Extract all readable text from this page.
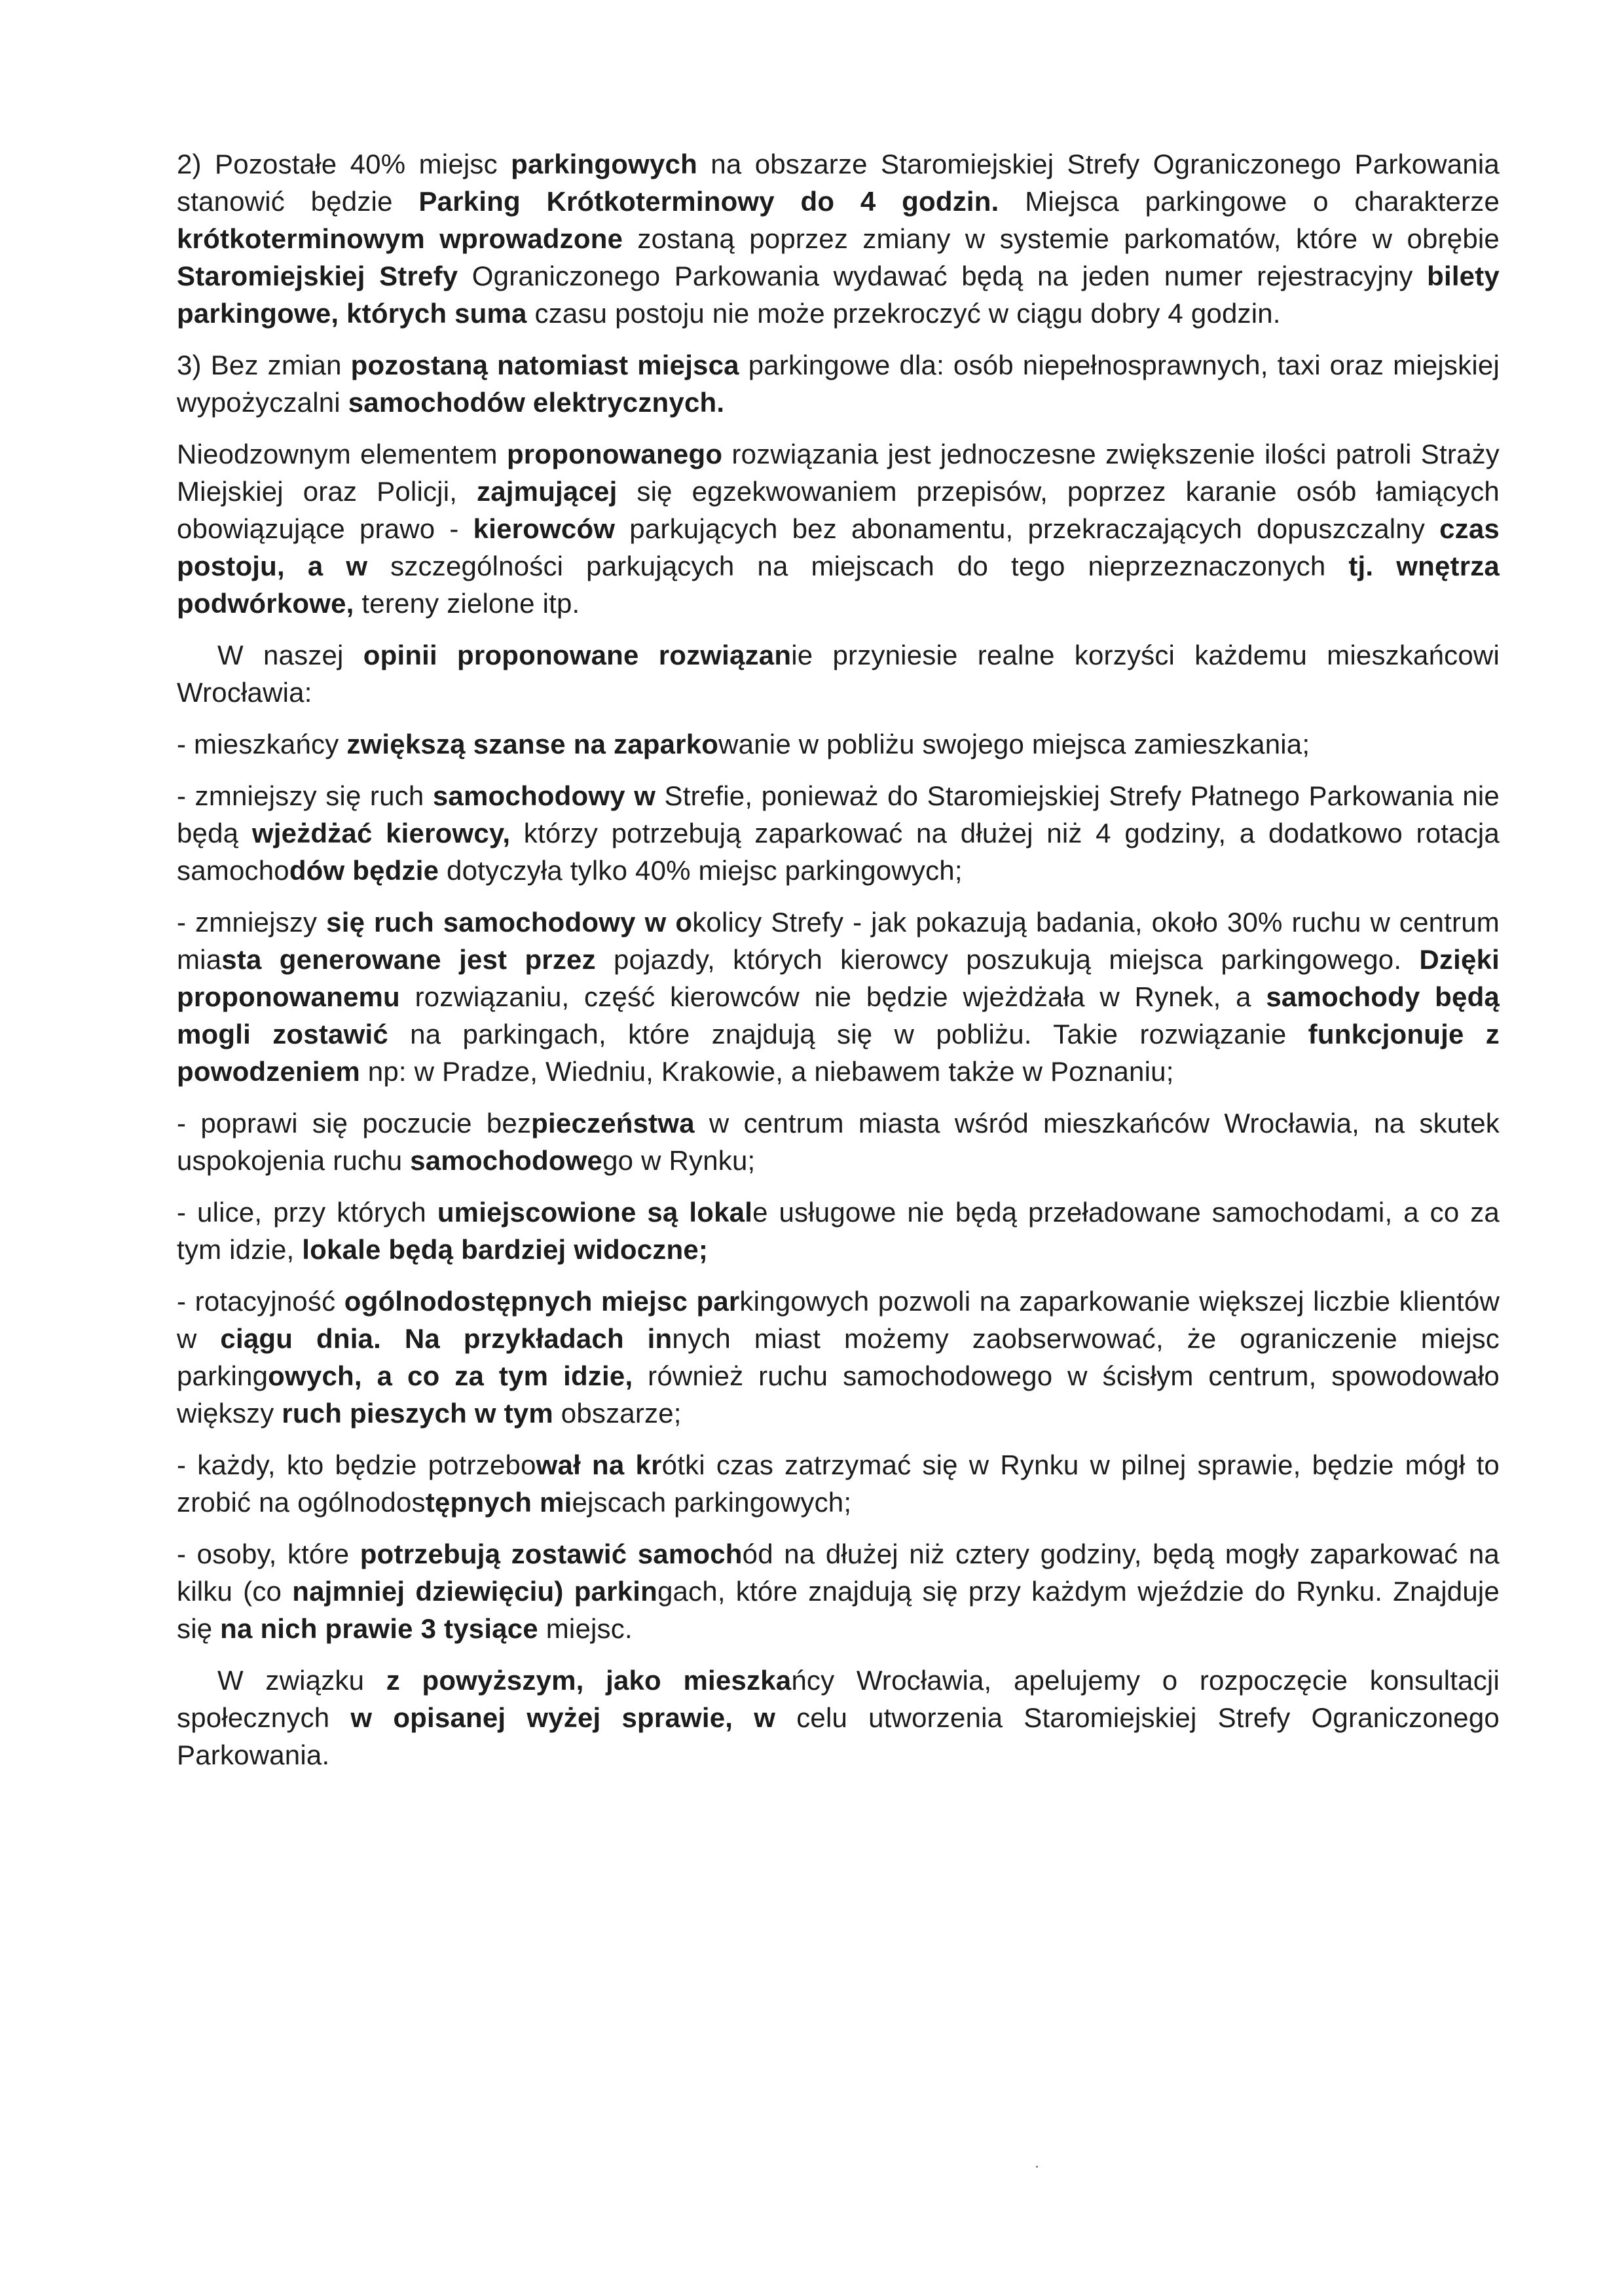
2) Pozostałe 40% miejsc parkingowych na obszarze Staromiejskiej Strefy Ograniczonego Parkowania stanowić będzie Parking Krótkoterminowy do 4 godzin. Miejsca parkingowe o charakterze krótkoterminowym wprowadzone zostaną poprzez zmiany w systemie parkomatów, które w obrębie Staromiejskiej Strefy Ograniczonego Parkowania wydawać będą na jeden numer rejestracyjny bilety parkingowe, których suma czasu postoju nie może przekroczyć w ciągu dobry 4 godzin.

3) Bez zmian pozostaną natomiast miejsca parkingowe dla: osób niepełnosprawnych, taxi oraz miejskiej wypożyczalni samochodów elektrycznych.

Nieodzownym elementem proponowanego rozwiązania jest jednoczesne zwiększenie ilości patroli Straży Miejskiej oraz Policji, zajmującej się egzekwowaniem przepisów, poprzez karanie osób łamiących obowiązujące prawo - kierowców parkujących bez abonamentu, przekraczających dopuszczalny czas postoju, a w szczególności parkujących na miejscach do tego nieprzeznaczonych tj. wnętrza podwórkowe, tereny zielone itp.

W naszej opinii proponowane rozwiązanie przyniesie realne korzyści każdemu mieszkańcowi Wrocławia:

- mieszkańcy zwiększą szanse na zaparkowanie w pobliżu swojego miejsca zamieszkania;

- zmniejszy się ruch samochodowy w Strefie, ponieważ do Staromiejskiej Strefy Płatnego Parkowania nie będą wjeżdżać kierowcy, którzy potrzebują zaparkować na dłużej niż 4 godziny, a dodatkowo rotacja samochodów będzie dotyczyła tylko 40% miejsc parkingowych;

- zmniejszy się ruch samochodowy w okolicy Strefy - jak pokazują badania, około 30% ruchu w centrum miasta generowane jest przez pojazdy, których kierowcy poszukują miejsca parkingowego. Dzięki proponowanemu rozwiązaniu, część kierowców nie będzie wjeżdżała w Rynek, a samochody będą mogli zostawić na parkingach, które znajdują się w pobliżu. Takie rozwiązanie funkcjonuje z powodzeniem np: w Pradze, Wiedniu, Krakowie, a niebawem także w Poznaniu;

- poprawi się poczucie bezpieczeństwa w centrum miasta wśród mieszkańców Wrocławia, na skutek uspokojenia ruchu samochodowego w Rynku;

- ulice, przy których umiejscowione są lokale usługowe nie będą przeładowane samochodami, a co za tym idzie, lokale będą bardziej widoczne;

- rotacyjność ogólnodostępnych miejsc parkingowych pozwoli na zaparkowanie większej liczbie klientów w ciągu dnia. Na przykładach innych miast możemy zaobserwować, że ograniczenie miejsc parkingowych, a co za tym idzie, również ruchu samochodowego w ścisłym centrum, spowodowało większy ruch pieszych w tym obszarze;

- każdy, kto będzie potrzebował na krótki czas zatrzymać się w Rynku w pilnej sprawie, będzie mógł to zrobić na ogólnodostępnych miejscach parkingowych;

- osoby, które potrzebują zostawić samochód na dłużej niż cztery godziny, będą mogły zaparkować na kilku (co najmniej dziewięciu) parkingach, które znajdują się przy każdym wjeździe do Rynku. Znajduje się na nich prawie 3 tysiące miejsc.

W związku z powyższym, jako mieszkańcy Wrocławia, apelujemy o rozpoczęcie konsultacji społecznych w opisanej wyżej sprawie, w celu utworzenia Staromiejskiej Strefy Ograniczonego Parkowania.
